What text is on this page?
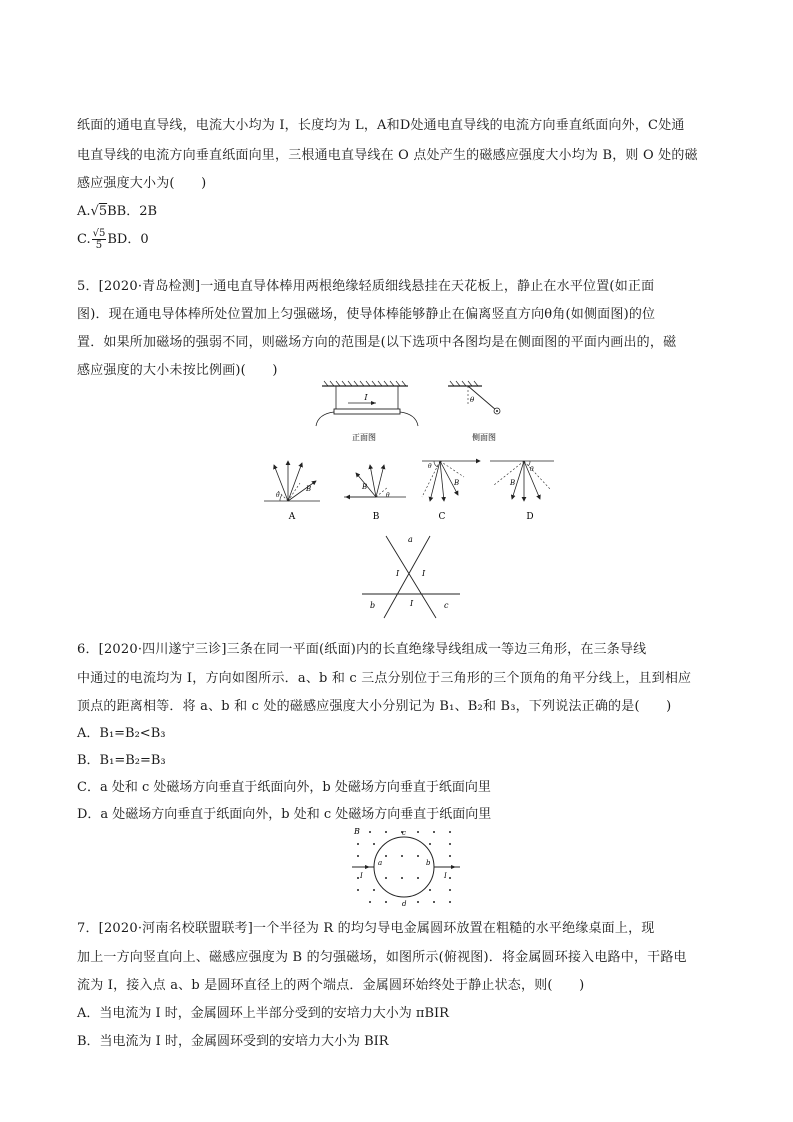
纸面的通电直导线，电流大小均为 I，长度均为 L，A和D处通电直导线的电流方向垂直纸面向外，C处通
电直导线的电流方向垂直纸面向里，三根通电直导线在 O 点处产生的磁感应强度大小均为 B，则 O 处的磁
感应强度大小为(　　)
A.√5BB．2B
C. $\frac{√5}{5}$ BD．0
5．[2020·青岛检测]一通电直导体棒用两根绝缘轻质细线悬挂在天花板上，静止在水平位置(如正面
图)．现在通电导体棒所处位置加上匀强磁场，使导体棒能够静止在偏离竖直方向θ角(如侧面图)的位
置．如果所加磁场的强弱不同，则磁场方向的范围是(以下选项中各图均是在侧面图的平面内画出的，磁
感应强度的大小未按比例画)(　　)
I
正面图
θ
侧面图
θ
B
A
θ
B
B
θ
B
C
θ
B
D
a
I	I
I
b	c
6．[2020·四川遂宁三诊]三条在同一平面(纸面)内的长直绝缘导线组成一等边三角形，在三条导线
中通过的电流均为 I，方向如图所示．a、b 和 c 三点分别位于三角形的三个顶角的角平分线上，且到相应
顶点的距离相等．将 a、b 和 c 处的磁感应强度大小分别记为 B₁、B₂和 B₃，下列说法正确的是(　　)
A．B₁=B₂<B₃
B．B₁=B₂=B₃
C．a 处和 c 处磁场方向垂直于纸面向外，b 处磁场方向垂直于纸面向里
D．a 处磁场方向垂直于纸面向外，b 处和 c 处磁场方向垂直于纸面向里
B	c
d
a	b
I	I
7．[2020·河南名校联盟联考]一个半径为 R 的均匀导电金属圆环放置在粗糙的水平绝缘桌面上，现
加上一方向竖直向上、磁感应强度为 B 的匀强磁场，如图所示(俯视图)．将金属圆环接入电路中，干路电
流为 I，接入点 a、b 是圆环直径上的两个端点．金属圆环始终处于静止状态，则(　　)
A．当电流为 I 时，金属圆环上半部分受到的安培力大小为 πBIR
B．当电流为 I 时，金属圆环受到的安培力大小为 BIR
